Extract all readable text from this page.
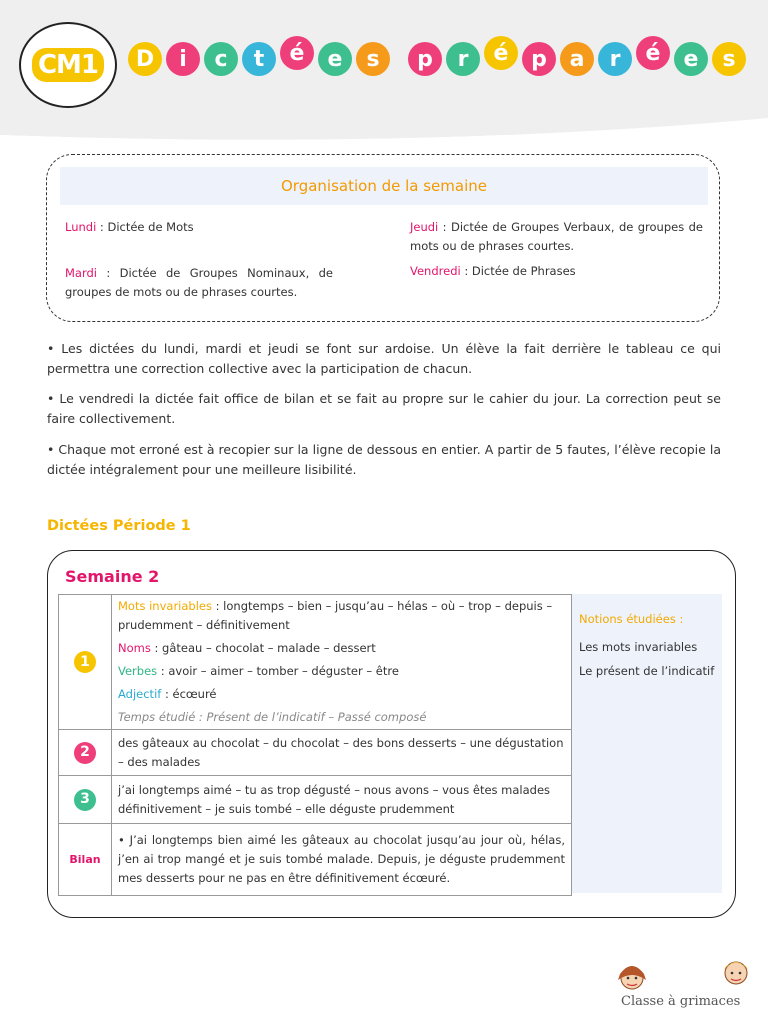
CM1	D	i	c	t	é	e	s	p	r	é	p	a	r	é	e	s
Organisation de la semaine
Lundi : Dictée de Mots
Mardi : Dictée de Groupes Nominaux, de groupes de mots ou de phrases courtes.
Jeudi : Dictée de Groupes Verbaux, de groupes de mots ou de phrases courtes.
Vendredi : Dictée de Phrases

• Les dictées du lundi, mardi et jeudi se font sur ardoise. Un élève la fait derrière le tableau ce qui permettra une correction collective avec la participation de chacun.

• Le vendredi la dictée fait office de bilan et se fait au propre sur le cahier du jour. La correction peut se faire collectivement.

• Chaque mot erroné est à recopier sur la ligne de dessous en entier. A partir de 5 fautes, l’élève recopie la dictée intégralement pour une meilleure lisibilité.

Dictées Période 1
Semaine 2
1	Mots invariables : longtemps – bien – jusqu’au – hélas – où – trop – depuis – prudemment – définitivement
Noms : gâteau – chocolat – malade – dessert
Verbes : avoir – aimer – tomber – déguster – être
Adjectif : écœuré
Temps étudié : Présent de l’indicatif – Passé composé

2	des gâteaux au chocolat – du chocolat – des bons desserts – une dégustation – des malades
3	j’ai longtemps aimé – tu as trop dégusté – nous avons – vous êtes malades définitivement – je suis tombé – elle déguste prudemment
Bilan	• J’ai longtemps bien aimé les gâteaux au chocolat jusqu’au jour où, hélas, j’en ai trop mangé et je suis tombé malade. Depuis, je déguste prudemment mes desserts pour ne pas en être définitivement écœuré.
Notions étudiées :
Les mots invariables
Le présent de l’indicatif
Classe à grimaces
